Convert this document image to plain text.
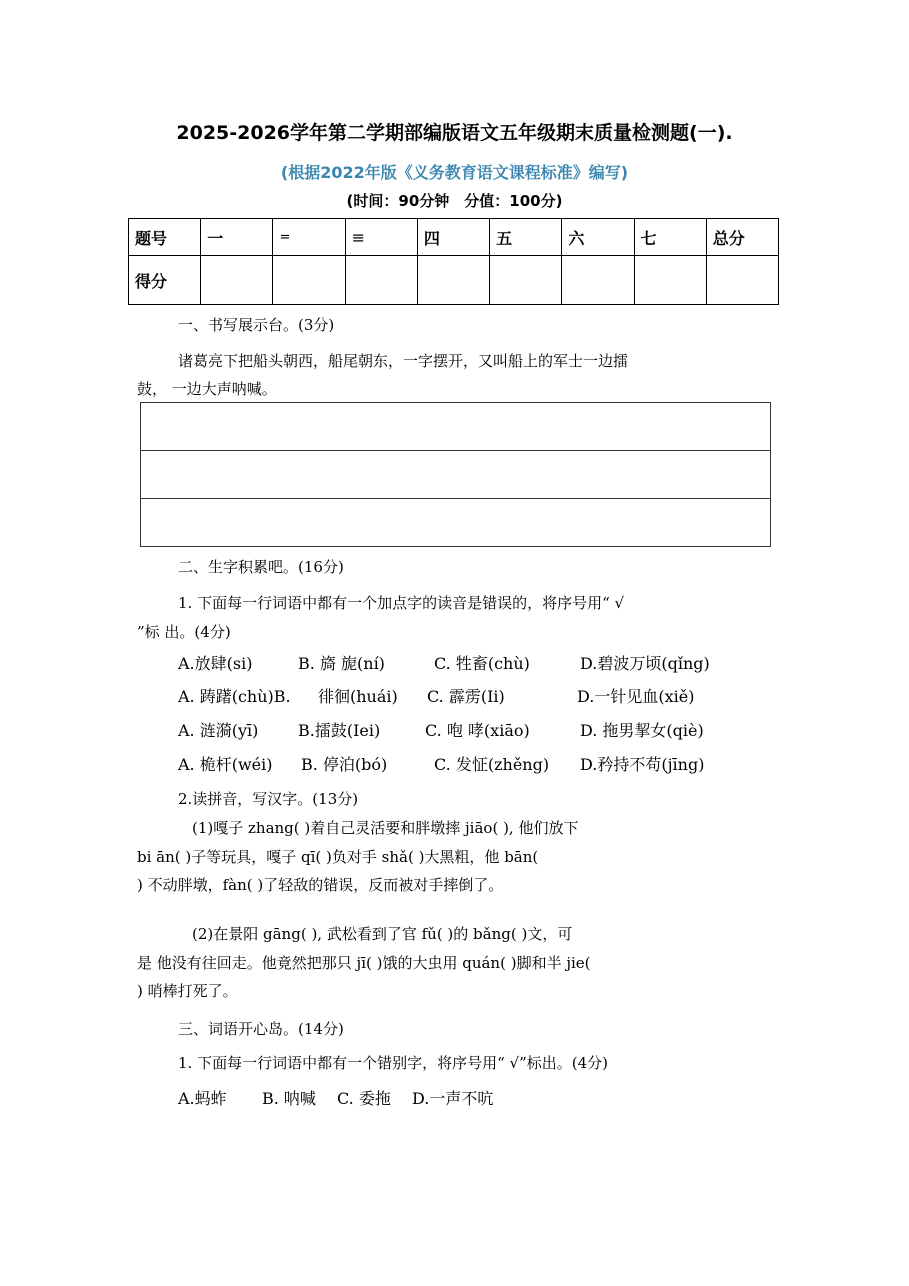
2025-2026学年第二学期部编版语文五年级期末质量检测题(一).
(根据2022年版《义务教育语文课程标准》编写)
(时间：90分钟　分值：100分)
题号	一	=	≡	四	五	六	七	总分
得分								
一、书写展示台。(3分)
诸葛亮下把船头朝西，船尾朝东，一字摆开，又叫船上的军士一边擂
鼓， 一边大声呐喊。
二、生字积累吧。(16分)
1. 下面每一行词语中都有一个加点字的读音是错误的，将序号用“ √
”标 出。(4分)
A.放肆(si)	B. 旖 旎(ní)	C. 牲畜(chù)	D.碧波万顷(qǐng)
A. 踌躇(chù)B. 徘徊(huái) C. 霹雳(Ii)	D.一针见血(xiě)
A. 涟漪(yī) B.擂鼓(Iei)	C. 咆 哮(xiāo)	D. 拖男挈女(qiè)
A. 桅杆(wéi) B. 停泊(bó)	C. 发怔(zhěng) D.矜持不苟(jīng)
2.读拼音，写汉字。(13分)
(1)嘎子 zhang( )着自己灵活要和胖墩摔 jiāo( ), 他们放下
bi ān( )子等玩具，嘎子 qī( )负对手 shǎ( )大黑粗，他 bān(
) 不动胖墩，fàn( )了轻敌的错误，反而被对手摔倒了。
(2)在景阳 gāng( ), 武松看到了官 fǔ( )的 bǎng( )文，可
是 他没有往回走。他竟然把那只 jī( )饿的大虫用 quán( )脚和半 jie(
) 哨棒打死了。
三、词语开心岛。(14分)
1. 下面每一行词语中都有一个错别字，将序号用“ √”标出。(4分)
A.蚂蚱 B. 呐喊 C. 委拖 D.一声不吭
